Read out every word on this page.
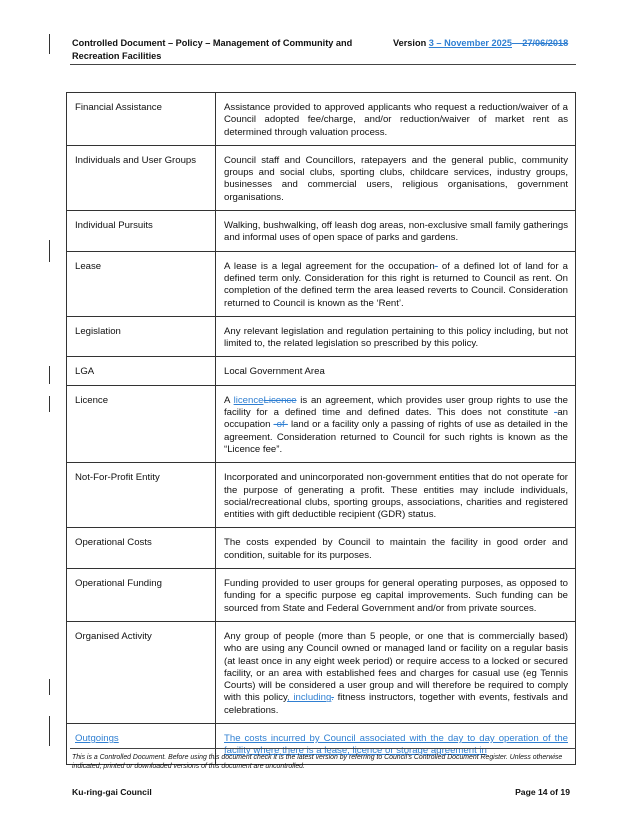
Controlled Document – Policy – Management of Community and Recreation Facilities
Version 3 – November 2025 – 27/06/2018
Financial Assistance	Assistance provided to approved applicants who request a reduction/waiver of a Council adopted fee/charge, and/or reduction/waiver of market rent as determined through valuation process.
Individuals and User Groups	Council staff and Councillors, ratepayers and the general public, community groups and social clubs, sporting clubs, childcare services, industry groups, businesses and commercial users, religious organisations, government organisations.
Individual Pursuits	Walking, bushwalking, off leash dog areas, non-exclusive small family gatherings and informal uses of open space of parks and gardens.
Lease	A lease is a legal agreement for the occupation- of a defined lot of land for a defined term only. Consideration for this right is returned to Council as rent. On completion of the defined term the area leased reverts to Council. Consideration returned to Council is known as the ‘Rent’.
Legislation	Any relevant legislation and regulation pertaining to this policy including, but not limited to, the related legislation so prescribed by this policy.
LGA	Local Government Area
Licence	A licenceLicence is an agreement, which provides user group rights to use the facility for a defined time and defined dates. This does not constitute -an occupation -of- land or a facility only a passing of rights of use as detailed in the agreement. Consideration returned to Council for such rights is known as the “Licence fee”.
Not-For-Profit Entity	Incorporated and unincorporated non-government entities that do not operate for the purpose of generating a profit. These entities may include individuals, social/recreational clubs, sporting groups, associations, charities and registered entities with gift deductible recipient (GDR) status.
Operational Costs	The costs expended by Council to maintain the facility in good order and condition, suitable for its purposes.
Operational Funding	Funding provided to user groups for general operating purposes, as opposed to funding for a specific purpose eg capital improvements. Such funding can be sourced from State and Federal Government and/or from private sources.
Organised Activity	Any group of people (more than 5 people, or one that is commercially based) who are using any Council owned or managed land or facility on a regular basis (at least once in any eight week period) or require access to a locked or secured facility, or an area with established fees and charges for casual use (eg Tennis Courts) will be considered a user group and will therefore be required to comply with this policy, including. fitness instructors, together with events, festivals and celebrations.
Outgoings	The costs incurred by Council associated with the day to day operation of the facility where there is a lease, licence or storage agreement in
This is a Controlled Document. Before using this document check it is the latest version by referring to Council’s Controlled Document Register. Unless otherwise indicated, printed or downloaded versions of this document are uncontrolled.
Ku-ring-gai Council	Page 14 of 19
